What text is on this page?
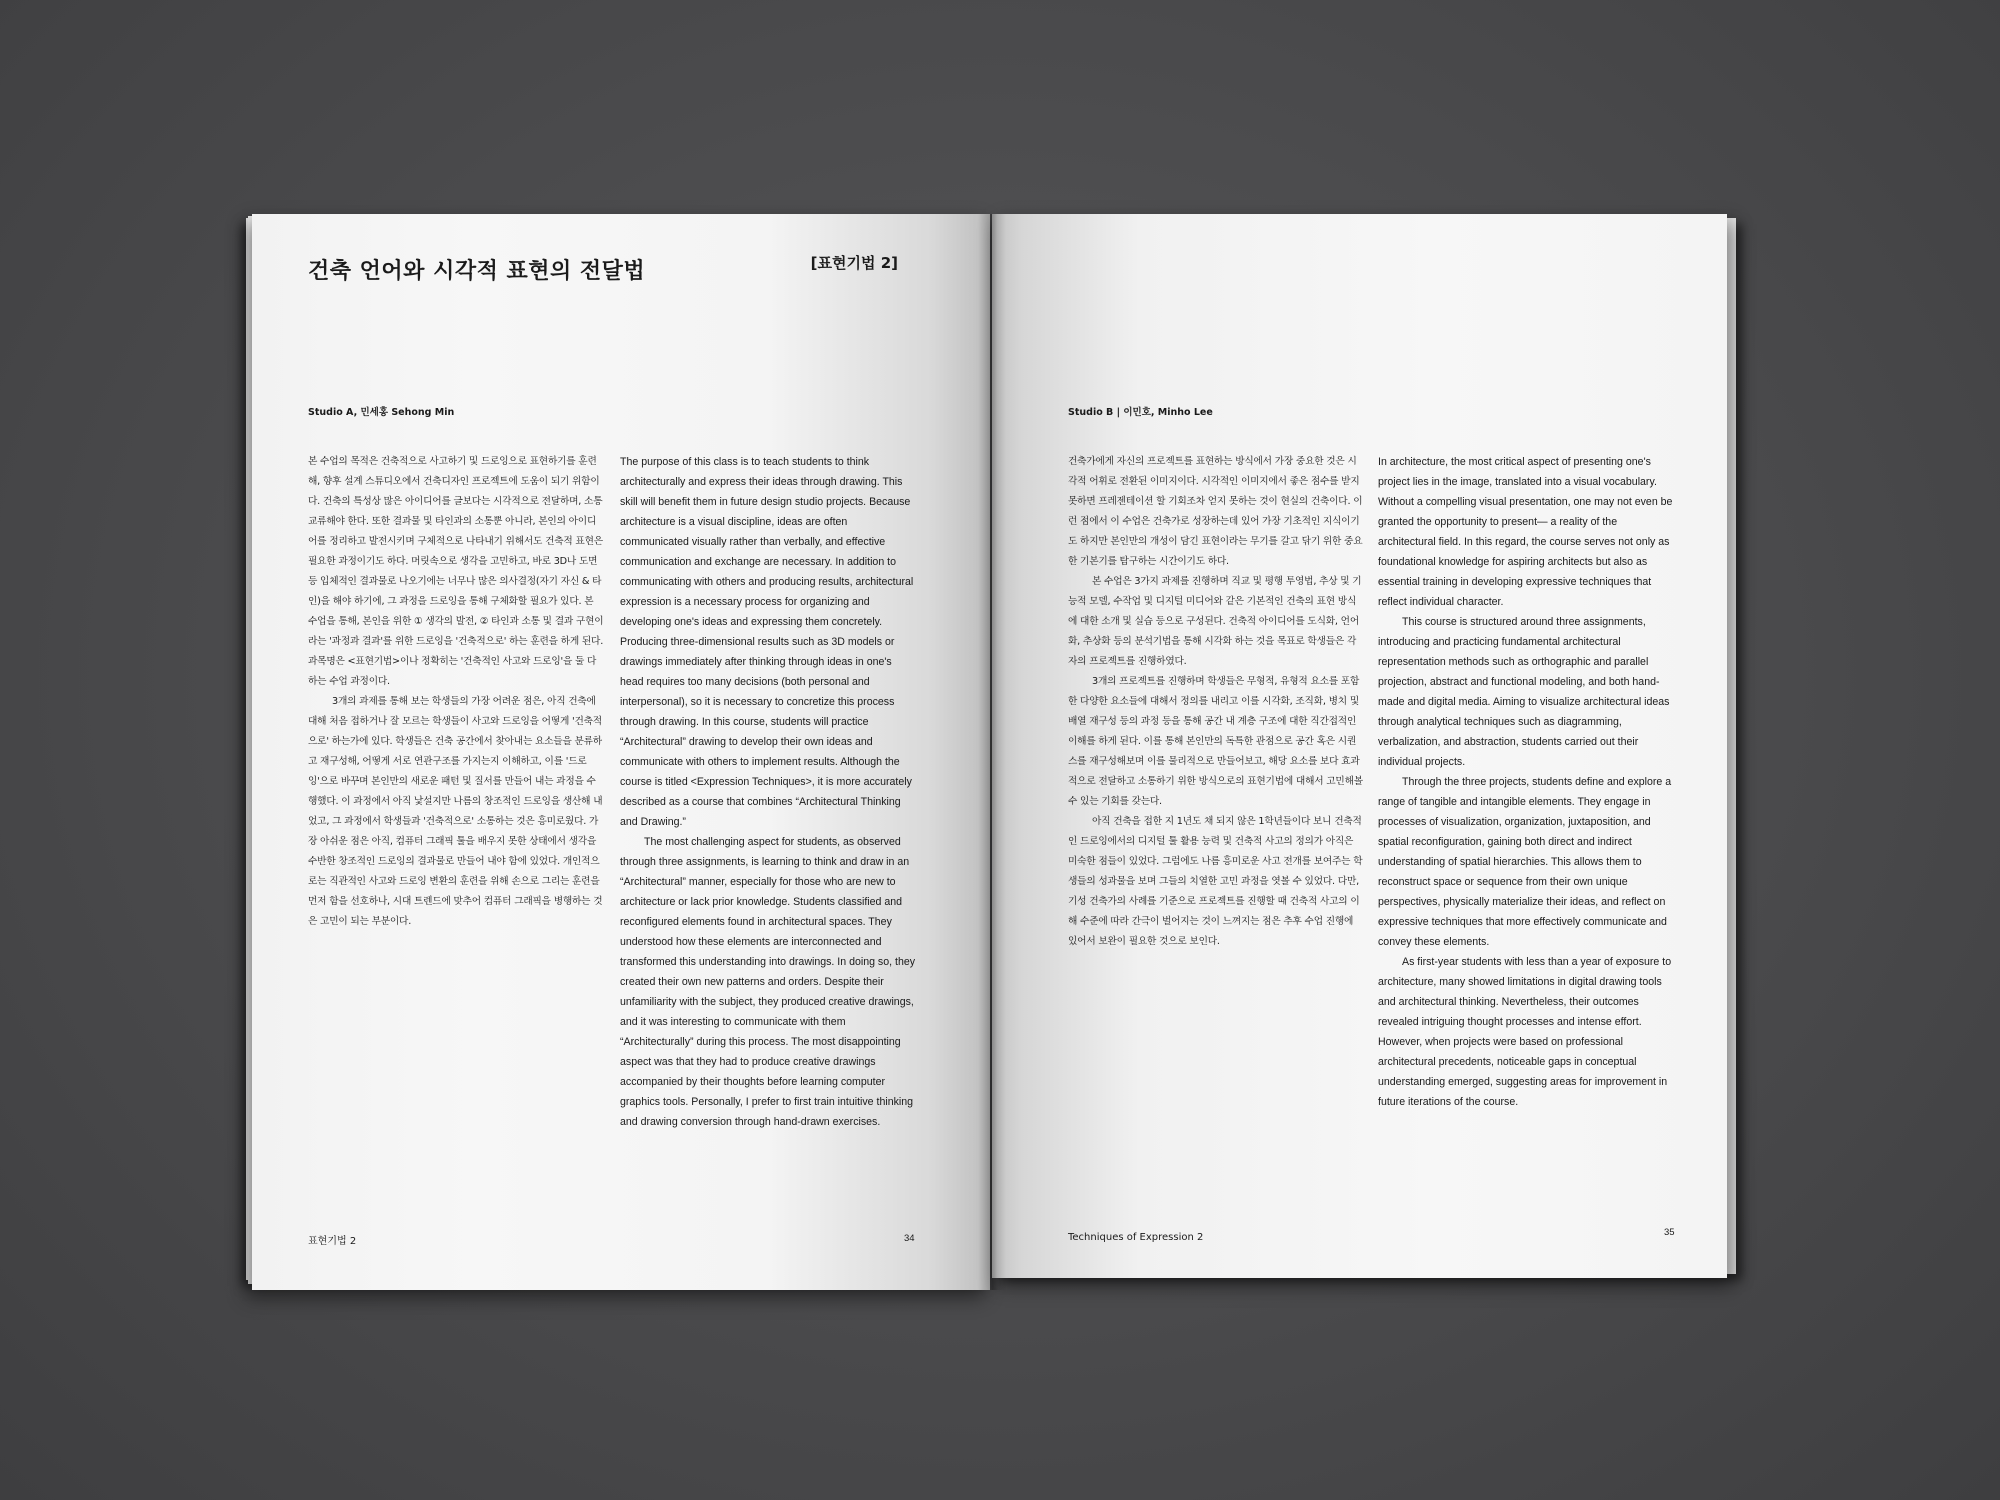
건축 언어와 시각적 표현의 전달법	[표현기법 2]
Studio A, 민세홍 Sehong Min

본 수업의 목적은 건축적으로 사고하기 및 드로잉으로 표현하기를 훈련해, 향후 설계 스튜디오에서 건축디자인 프로젝트에 도움이 되기 위함이다. 건축의 특성상 많은 아이디어를 글보다는 시각적으로 전달하며, 소통 교류해야 한다. 또한 결과물 및 타인과의 소통뿐 아니라, 본인의 아이디어를 정리하고 발전시키며 구체적으로 나타내기 위해서도 건축적 표현은 필요한 과정이기도 하다. 머릿속으로 생각을 고민하고, 바로 3D나 도면 등 입체적인 결과물로 나오기에는 너무나 많은 의사결정(자기 자신 & 타인)을 해야 하기에, 그 과정을 드로잉을 통해 구체화할 필요가 있다. 본 수업을 통해, 본인을 위한 ① 생각의 발전, ② 타인과 소통 및 결과 구현이라는 '과정과 결과'를 위한 드로잉을 '건축적으로' 하는 훈련을 하게 된다. 과목명은 <표현기법>이나 정확히는 '건축적인 사고와 드로잉'을 둘 다 하는 수업 과정이다.

3개의 과제를 통해 보는 학생들의 가장 어려운 점은, 아직 건축에 대해 처음 접하거나 잘 모르는 학생들이 사고와 드로잉을 어떻게 '건축적으로' 하는가에 있다. 학생들은 건축 공간에서 찾아내는 요소들을 분류하고 재구성해, 어떻게 서로 연관구조를 가지는지 이해하고, 이를 '드로잉'으로 바꾸며 본인만의 새로운 패턴 및 질서를 만들어 내는 과정을 수행했다. 이 과정에서 아직 낯설지만 나름의 창조적인 드로잉을 생산해 내었고, 그 과정에서 학생들과 '건축적으로' 소통하는 것은 흥미로웠다. 가장 아쉬운 점은 아직, 컴퓨터 그래픽 툴을 배우지 못한 상태에서 생각을 수반한 창조적인 드로잉의 결과물로 만들어 내야 함에 있었다. 개인적으로는 직관적인 사고와 드로잉 변환의 훈련을 위해 손으로 그리는 훈련을 먼저 함을 선호하나, 시대 트렌드에 맞추어 컴퓨터 그래픽을 병행하는 것은 고민이 되는 부분이다.

The purpose of this class is to teach students to think architecturally and express their ideas through drawing. This skill will benefit them in future design studio projects. Because architecture is a visual discipline, ideas are often communicated visually rather than verbally, and effective communication and exchange are necessary. In addition to communicating with others and producing results, architectural expression is a necessary process for organizing and developing one's ideas and expressing them concretely. Producing three-dimensional results such as 3D models or drawings immediately after thinking through ideas in one's head requires too many decisions (both personal and interpersonal), so it is necessary to concretize this process through drawing. In this course, students will practice “Architectural” drawing to develop their own ideas and communicate with others to implement results. Although the course is titled <Expression Techniques>, it is more accurately described as a course that combines “Architectural Thinking and Drawing.”

The most challenging aspect for students, as observed through three assignments, is learning to think and draw in an “Architectural” manner, especially for those who are new to architecture or lack prior knowledge. Students classified and reconfigured elements found in architectural spaces. They understood how these elements are interconnected and transformed this understanding into drawings. In doing so, they created their own new patterns and orders. Despite their unfamiliarity with the subject, they produced creative drawings, and it was interesting to communicate with them “Architecturally” during this process. The most disappointing aspect was that they had to produce creative drawings accompanied by their thoughts before learning computer graphics tools. Personally, I prefer to first train intuitive thinking and drawing conversion through hand-drawn exercises.

표현기법 2	34
Studio B | 이민호, Minho Lee

건축가에게 자신의 프로젝트를 표현하는 방식에서 가장 중요한 것은 시각적 어휘로 전환된 이미지이다. 시각적인 이미지에서 좋은 점수를 받지 못하면 프레젠테이션 할 기회조차 얻지 못하는 것이 현실의 건축이다. 이런 점에서 이 수업은 건축가로 성장하는데 있어 가장 기초적인 지식이기도 하지만 본인만의 개성이 담긴 표현이라는 무기를 갈고 닦기 위한 중요한 기본기를 탐구하는 시간이기도 하다.

본 수업은 3가지 과제를 진행하며 직교 및 평행 투영법, 추상 및 기능적 모델, 수작업 및 디지털 미디어와 같은 기본적인 건축의 표현 방식에 대한 소개 및 실습 등으로 구성된다. 건축적 아이디어를 도식화, 언어화, 추상화 등의 분석기법을 통해 시각화 하는 것을 목표로 학생들은 각자의 프로젝트를 진행하였다.

3개의 프로젝트를 진행하며 학생들은 무형적, 유형적 요소를 포함한 다양한 요소들에 대해서 정의를 내리고 이를 시각화, 조직화, 병치 및 배열 재구성 등의 과정 등을 통해 공간 내 계층 구조에 대한 직간접적인 이해를 하게 된다. 이를 통해 본인만의 독특한 관점으로 공간 혹은 시퀀스를 재구성해보며 이를 물리적으로 만들어보고, 해당 요소를 보다 효과적으로 전달하고 소통하기 위한 방식으로의 표현기법에 대해서 고민해볼 수 있는 기회를 갖는다.

아직 건축을 접한 지 1년도 채 되지 않은 1학년들이다 보니 건축적인 드로잉에서의 디지털 툴 활용 능력 및 건축적 사고의 정의가 아직은 미숙한 점들이 있었다. 그럼에도 나름 흥미로운 사고 전개를 보여주는 학생들의 성과물을 보며 그들의 치열한 고민 과정을 엿볼 수 있었다. 다만, 기성 건축가의 사례를 기준으로 프로젝트를 진행할 때 건축적 사고의 이해 수준에 따라 간극이 벌어지는 것이 느껴지는 점은 추후 수업 진행에 있어서 보완이 필요한 것으로 보인다.

In architecture, the most critical aspect of presenting one's project lies in the image, translated into a visual vocabulary. Without a compelling visual presentation, one may not even be granted the opportunity to present— a reality of the architectural field. In this regard, the course serves not only as foundational knowledge for aspiring architects but also as essential training in developing expressive techniques that reflect individual character.

This course is structured around three assignments, introducing and practicing fundamental architectural representation methods such as orthographic and parallel projection, abstract and functional modeling, and both hand-made and digital media. Aiming to visualize architectural ideas through analytical techniques such as diagramming, verbalization, and abstraction, students carried out their individual projects.

Through the three projects, students define and explore a range of tangible and intangible elements. They engage in processes of visualization, organization, juxtaposition, and spatial reconfiguration, gaining both direct and indirect understanding of spatial hierarchies. This allows them to reconstruct space or sequence from their own unique perspectives, physically materialize their ideas, and reflect on expressive techniques that more effectively communicate and convey these elements.

As first-year students with less than a year of exposure to architecture, many showed limitations in digital drawing tools and architectural thinking. Nevertheless, their outcomes revealed intriguing thought processes and intense effort. However, when projects were based on professional architectural precedents, noticeable gaps in conceptual understanding emerged, suggesting areas for improvement in future iterations of the course.

Techniques of Expression 2	35
